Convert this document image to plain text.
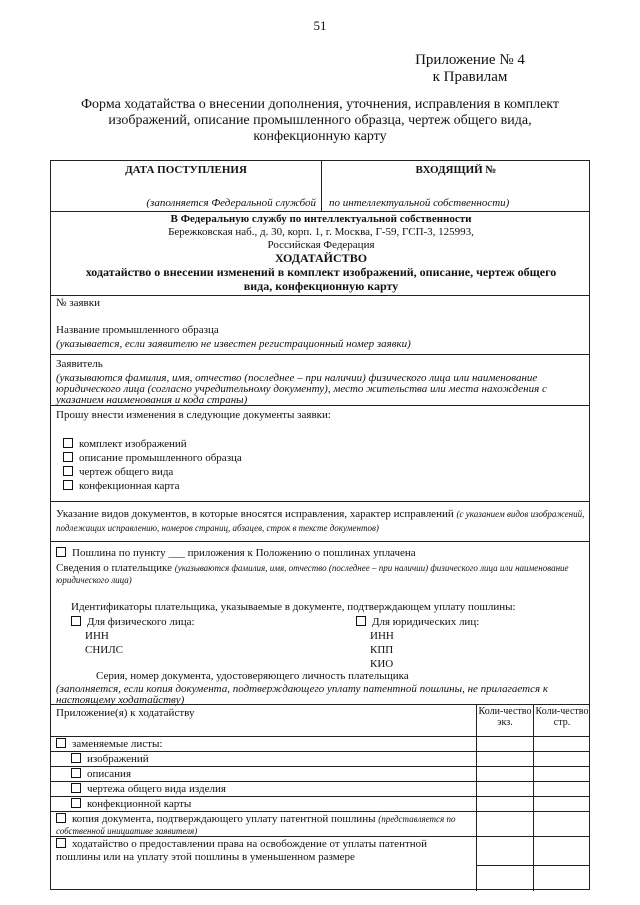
51
Приложение № 4
к Правилам
Форма ходатайства о внесении дополнения, уточнения, исправления в комплект изображений, описание промышленного образца, чертеж общего вида, конфекционную карту
ДАТА ПОСТУПЛЕНИЯ	ВХОДЯЩИЙ №
(заполняется Федеральной службой по интеллектуальной собственности)
В Федеральную службу по интеллектуальной собственности
Бережковская наб., д. 30, корп. 1, г. Москва, Г-59, ГСП-3, 125993,
Российская Федерация
ХОДАТАЙСТВО
ходатайство о внесении изменений в комплект изображений, описание, чертеж общего вида, конфекционную карту
№ заявки
Название промышленного образца
(указывается, если заявителю не известен регистрационный номер заявки)
Заявитель
(указываются фамилия, имя, отчество (последнее – при наличии) физического лица или наименование юридического лица (согласно учредительному документу), место жительства или места нахождения с указанием наименования и кода страны)
Прошу внести изменения в следующие документы заявки:
комплект изображений
описание промышленного образца
чертеж общего вида
конфекционная карта
Указание видов документов, в которые вносятся исправления, характер исправлений (с указанием видов изображений, подлежащих исправлению, номеров страниц, абзацев, строк в тексте документов)
Пошлина по пункту ___ приложения к Положению о пошлинах уплачена
Сведения о плательщике (указываются фамилия, имя, отчество (последнее – при наличии) физического лица или наименование юридического лица)
Идентификаторы плательщика, указываемые в документе, подтверждающем уплату пошлины:
Для физического лица:
ИНН
СНИЛС
Для юридических лиц:
ИНН
КПП
КИО
Серия, номер документа, удостоверяющего личность плательщика
(заполняется, если копия документа, подтверждающего уплату патентной пошлины, не прилагается к настоящему ходатайству)
Приложение(я) к ходатайству	Коли-чество экз.
Коли-чество стр.
заменяемые листы:
изображений
описания
чертежа общего вида изделия
конфекционной карты
копия документа, подтверждающего уплату патентной пошлины (представляется по собственной инициативе заявителя)
ходатайство о предоставлении права на освобождение от уплаты патентной пошлины или на уплату этой пошлины в уменьшенном размере
